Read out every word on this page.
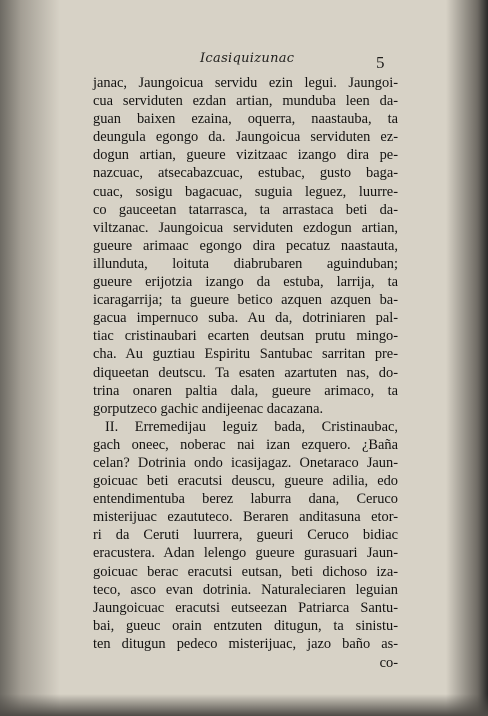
Icasiquizunac	5
janac, Jaungoicua servidu ezin legui. Jaungoi-
cua serviduten ezdan artian, munduba leen da-
guan baixen ezaina, oquerra, naastauba, ta
deungula egongo da. Jaungoicua serviduten ez-
dogun artian, gueure vizitzaac izango dira pe-
nazcuac, atsecabazcuac, estubac, gusto baga-
cuac, sosigu bagacuac, suguia leguez, luurre-
co gauceetan tatarrasca, ta arrastaca beti da-
viltzanac. Jaungoicua serviduten ezdogun artian,
gueure arimaac egongo dira pecatuz naastauta,
illunduta, loituta diabrubaren aguinduban;
gueure erijotzia izango da estuba, larrija, ta
icaragarrija; ta gueure betico azquen azquen ba-
gacua impernuco suba. Au da, dotriniaren pal-
tiac cristinaubari ecarten deutsan prutu mingo-
cha. Au guztiau Espiritu Santubac sarritan pre-
diqueetan deutscu. Ta esaten azartuten nas, do-
trina onaren paltia dala, gueure arimaco, ta
gorputzeco gachic andijeenac dacazana.
II. Erremedijau leguiz bada, Cristinaubac,
gach oneec, noberac nai izan ezquero. ¿Baña
celan? Dotrinia ondo icasijagaz. Onetaraco Jaun-
goicuac beti eracutsi deuscu, gueure adilia, edo
entendimentuba berez laburra dana, Ceruco
misterijuac ezaututeco. Beraren anditasuna etor-
ri da Ceruti luurrera, gueuri Ceruco bidiac
eracustera. Adan lelengo gueure gurasuari Jaun-
goicuac berac eracutsi eutsan, beti dichoso iza-
teco, asco evan dotrinia. Naturaleciaren leguian
Jaungoicuac eracutsi eutseezan Patriarca Santu-
bai, gueuc orain entzuten ditugun, ta sinistu-
ten ditugun pedeco misterijuac, jazo baño as-
co-
